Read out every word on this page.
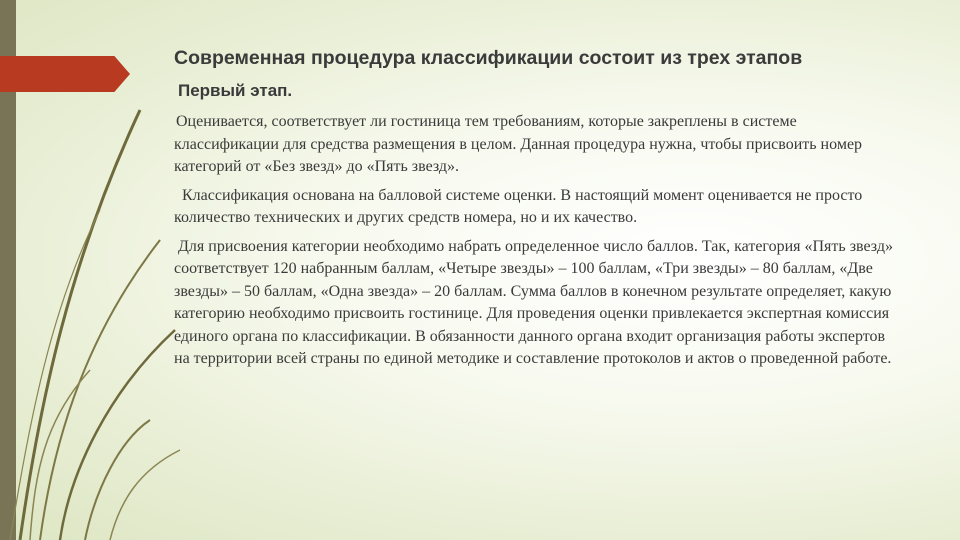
Современная процедура классификации состоит из трех этапов
Первый этап.

Оценивается, соответствует ли гостиница тем требованиям, которые закреплены в системе классификации для средства размещения в целом. Данная процедура нужна, чтобы присвоить номер категорий от «Без звезд» до «Пять звезд».

Классификация основана на балловой системе оценки. В настоящий момент оценивается не просто количество технических и других средств номера, но и их качество.

Для присвоения категории необходимо набрать определенное число баллов. Так, категория «Пять звезд» соответствует 120 набранным баллам, «Четыре звезды» – 100 баллам, «Три звезды» – 80 баллам, «Две звезды» – 50 баллам, «Одна звезда» – 20 баллам. Сумма баллов в конечном результате определяет, какую категорию необходимо присвоить гостинице. Для проведения оценки привлекается экспертная комиссия единого органа по классификации. В обязанности данного органа входит организация работы экспертов на территории всей страны по единой методике и составление протоколов и актов о проведенной работе.
